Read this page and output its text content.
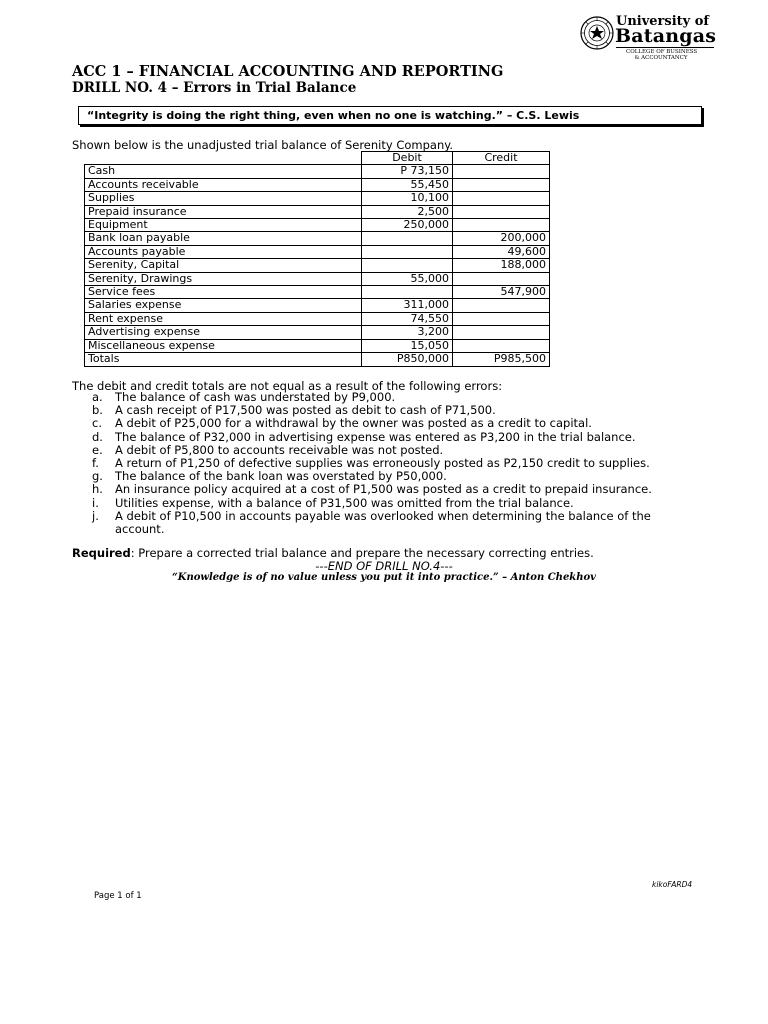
University of
Batangas
COLLEGE OF BUSINESS
& ACCOUNTANCY
ACC 1 – FINANCIAL ACCOUNTING AND REPORTING
DRILL NO. 4 – Errors in Trial Balance
“Integrity is doing the right thing, even when no one is watching.” – C.S. Lewis
Shown below is the unadjusted trial balance of Serenity Company.
	Debit	Credit
Cash	P 73,150	
Accounts receivable	55,450	
Supplies	10,100	
Prepaid insurance	2,500	
Equipment	250,000	
Bank loan payable		200,000
Accounts payable		49,600
Serenity, Capital		188,000
Serenity, Drawings	55,000	
Service fees		547,900
Salaries expense	311,000	
Rent expense	74,550	
Advertising expense	3,200	
Miscellaneous expense	15,050	
Totals	P850,000	P985,500
The debit and credit totals are not equal as a result of the following errors:
a. The balance of cash was understated by P9,000.
b. A cash receipt of P17,500 was posted as debit to cash of P71,500.
c. A debit of P25,000 for a withdrawal by the owner was posted as a credit to capital.
d. The balance of P32,000 in advertising expense was entered as P3,200 in the trial balance.
e. A debit of P5,800 to accounts receivable was not posted.
f. A return of P1,250 of defective supplies was erroneously posted as P2,150 credit to supplies.
g. The balance of the bank loan was overstated by P50,000.
h. An insurance policy acquired at a cost of P1,500 was posted as a credit to prepaid insurance.
i. Utilities expense, with a balance of P31,500 was omitted from the trial balance.
j. A debit of P10,500 in accounts payable was overlooked when determining the balance of the account.
Required: Prepare a corrected trial balance and prepare the necessary correcting entries.
---END OF DRILL NO.4---
“Knowledge is of no value unless you put it into practice.” – Anton Chekhov
kikoFARD4
Page 1 of 1
